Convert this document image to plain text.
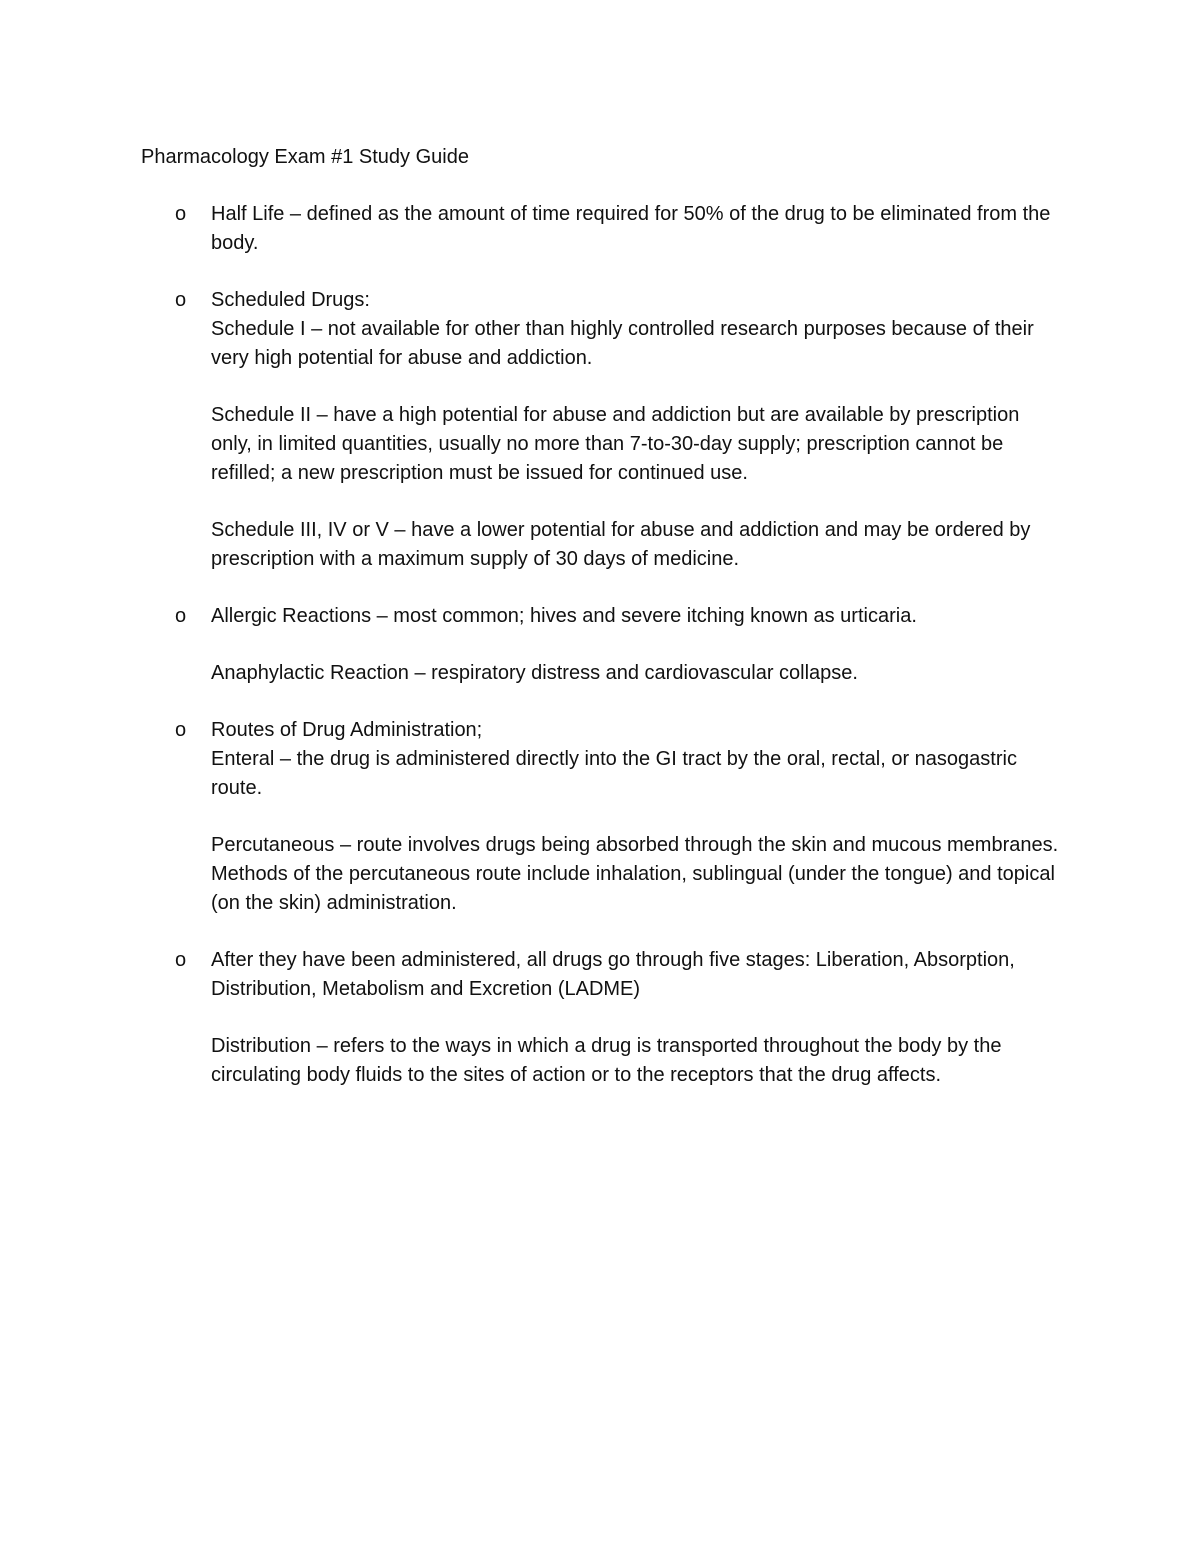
Pharmacology Exam #1 Study Guide
o Half Life – defined as the amount of time required for 50% of the drug to be eliminated from the body.

o Scheduled Drugs:

Schedule I – not available for other than highly controlled research purposes because of their very high potential for abuse and addiction.

Schedule II – have a high potential for abuse and addiction but are available by prescription only, in limited quantities, usually no more than 7-to-30-day supply; prescription cannot be refilled; a new prescription must be issued for continued use.

Schedule III, IV or V – have a lower potential for abuse and addiction and may be ordered by prescription with a maximum supply of 30 days of medicine.

o Allergic Reactions – most common; hives and severe itching known as urticaria.

Anaphylactic Reaction – respiratory distress and cardiovascular collapse.

o Routes of Drug Administration;

Enteral – the drug is administered directly into the GI tract by the oral, rectal, or nasogastric route.

Percutaneous – route involves drugs being absorbed through the skin and mucous membranes. Methods of the percutaneous route include inhalation, sublingual (under the tongue) and topical (on the skin) administration.

o After they have been administered, all drugs go through five stages: Liberation, Absorption, Distribution, Metabolism and Excretion (LADME)

Distribution – refers to the ways in which a drug is transported throughout the body by the circulating body fluids to the sites of action or to the receptors that the drug affects.
